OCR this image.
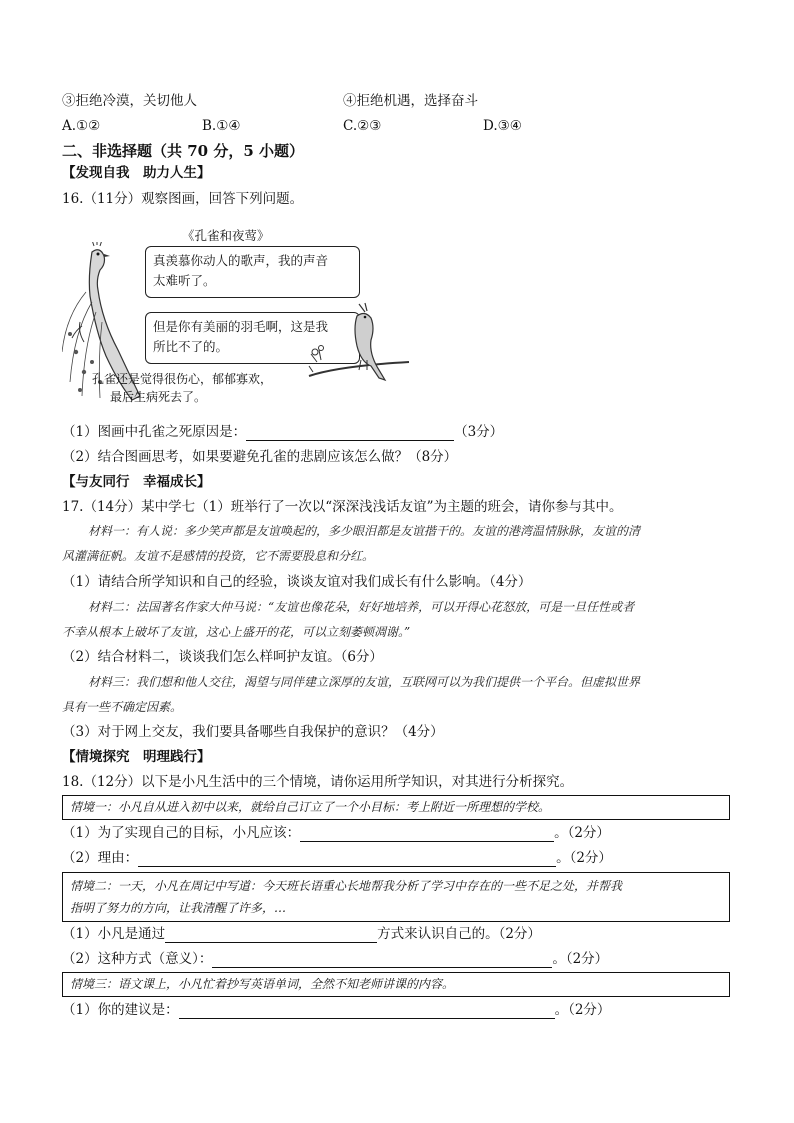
③拒绝冷漠，关切他人	④拒绝机遇，选择奋斗
A.①②	B.①④	C.②③	D.③④
二、非选择题（共 70 分，5 小题）
【发现自我　助力人生】
16.（11分）观察图画，回答下列问题。
《孔雀和夜莺》
真羡慕你动人的歌声，我的声音
太难听了。
但是你有美丽的羽毛啊，这是我
所比不了的。
孔雀还是觉得很伤心，郁郁寡欢，
最后生病死去了。
（1）图画中孔雀之死原因是：	（3分）
（2）结合图画思考，如果要避免孔雀的悲剧应该怎么做？（8分）
【与友同行　幸福成长】
17.（14分）某中学七（1）班举行了一次以“深深浅浅话友谊”为主题的班会，请你参与其中。
材料一：有人说：多少笑声都是友谊唤起的，多少眼泪都是友谊揩干的。友谊的港湾温情脉脉，友谊的清
风灌满征帆。友谊不是感情的投资，它不需要股息和分红。
（1）请结合所学知识和自己的经验，谈谈友谊对我们成长有什么影响。（4分）
材料二：法国著名作家大仲马说：“友谊也像花朵，好好地培养，可以开得心花怒放，可是一旦任性或者
不幸从根本上破坏了友谊，这心上盛开的花，可以立刻萎顿凋谢。”
（2）结合材料二，谈谈我们怎么样呵护友谊。（6分）
材料三：我们想和他人交往，渴望与同伴建立深厚的友谊，互联网可以为我们提供一个平台。但虚拟世界
具有一些不确定因素。
（3）对于网上交友，我们要具备哪些自我保护的意识？（4分）
【情境探究　明理践行】
18.（12分）以下是小凡生活中的三个情境，请你运用所学知识，对其进行分析探究。
情境一：小凡自从进入初中以来，就给自己订立了一个小目标：考上附近一所理想的学校。
（1）为了实现自己的目标，小凡应该：	。（2分）
（2）理由：	。（2分）
情境二：一天，小凡在周记中写道：今天班长语重心长地帮我分析了学习中存在的一些不足之处，并帮我
指明了努力的方向，让我清醒了许多，…
（1）小凡是通过	方式来认识自己的。（2分）
（2）这种方式（意义）：	。（2分）
情境三：语文课上，小凡忙着抄写英语单词，全然不知老师讲课的内容。
（1）你的建议是：	。（2分）
